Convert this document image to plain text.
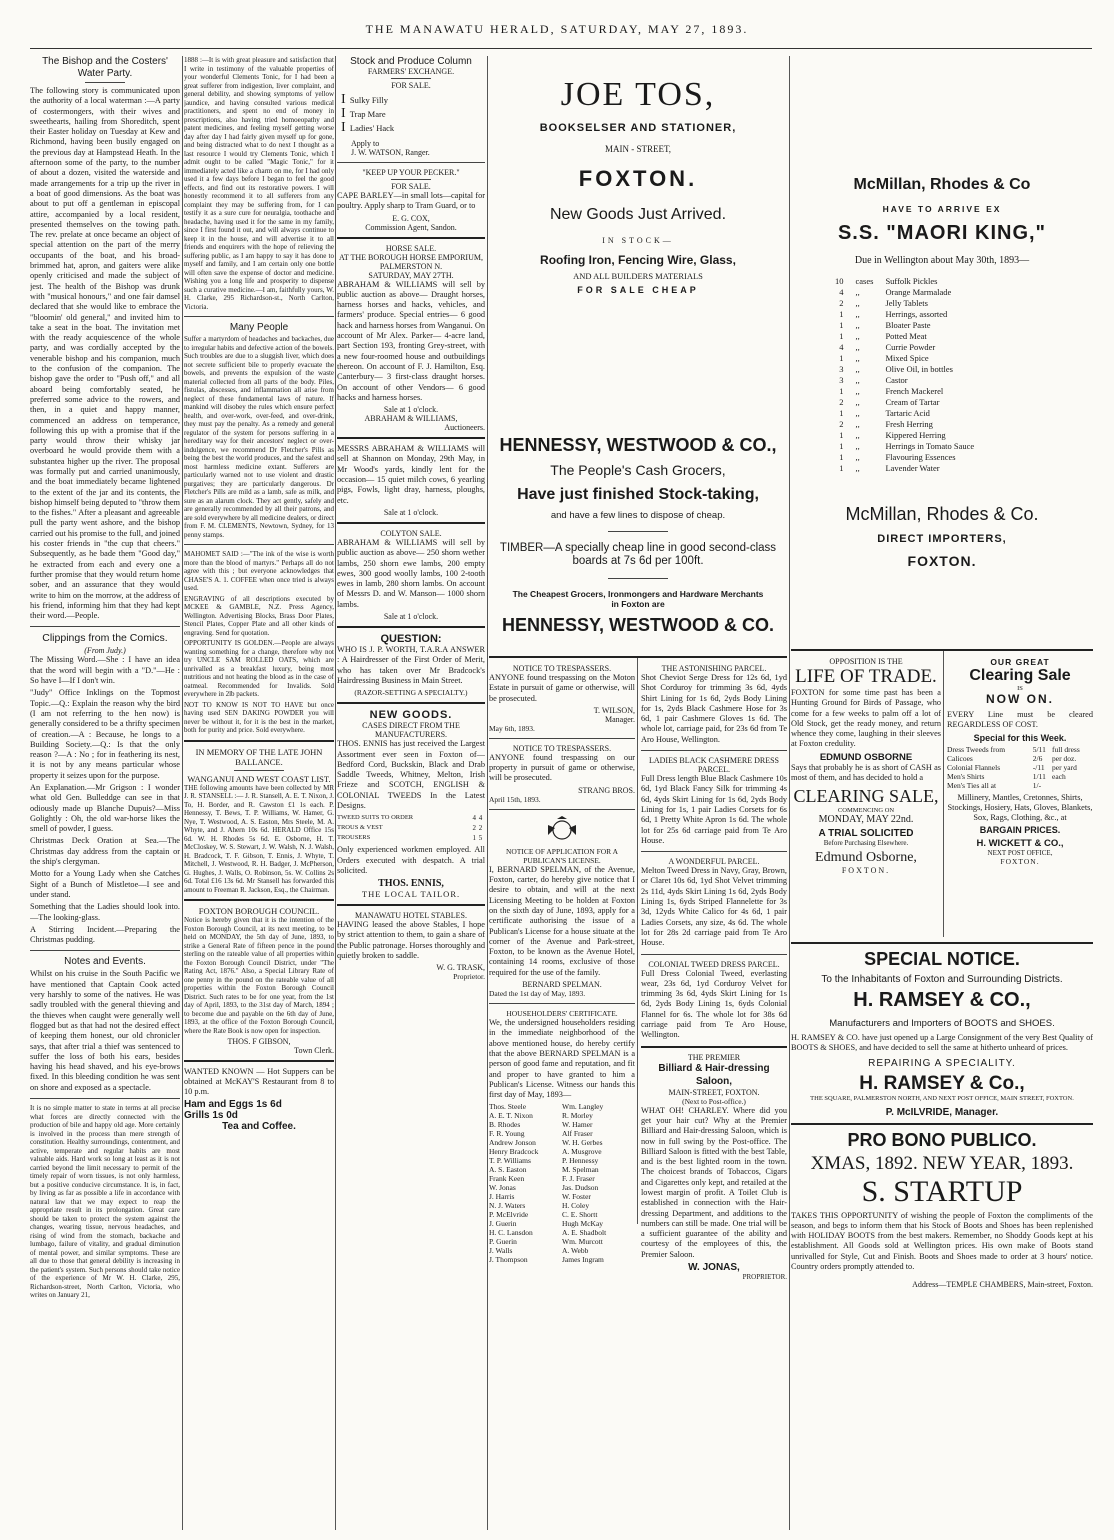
THE MANAWATU HERALD, SATURDAY, MAY 27, 1893.
The Bishop and the Costers' Water Party.

The following story is communicated upon the authority of a local waterman :—A party of costermongers, with their wives and sweethearts, hailing from Shoreditch, spent their Easter holiday on Tuesday at Kew and Richmond, having been busily engaged on the previous day at Hampstead Heath. In the afternoon some of the party, to the number of about a dozen, visited the waterside and made arrangements for a trip up the river in a boat of good dimensions. As the boat was about to put off a gentleman in episcopal attire, accompanied by a local resident, presented themselves on the towing path. The rev. prelate at once became an object of special attention on the part of the merry occupants of the boat, and his broad-brimmed hat, apron, and gaiters were alike openly criticised and made the subject of jest. The health of the Bishop was drunk with "musical honours," and one fair damsel declared that she would like to embrace the "bloomin' old general," and invited him to take a seat in the boat. The invitation met with the ready acquiescence of the whole party, and was cordially accepted by the venerable bishop and his companion, much to the confusion of the companion. The bishop gave the order to "Push off," and all aboard being comfortably seated, he preferred some advice to the rowers, and then, in a quiet and happy manner, commenced an address on temperance, following this up with a promise that if the party would throw their whisky jar overboard he would provide them with a substantea higher up the river. The proposal was formally put and carried unanimously, and the boat immediately became lightened to the extent of the jar and its contents, the bishop himself being deputed to "throw them to the fishes." After a pleasant and agreeable pull the party went ashore, and the bishop carried out his promise to the full, and joined his coster friends in "the cup that cheers." Subsequently, as he bade them "Good day," he extracted from each and every one a further promise that they would return home sober, and an assurance that they would write to him on the morrow, at the address of his friend, informing him that they had kept their word.—People.

Clippings from the Comics.
(From Judy.)

The Missing Word.—She : I have an idea that the word will begin with a "D."—He : So have I—If I don't win.

"Judy" Office Inklings on the Topmost Topic.—Q.: Explain the reason why the bird (I am not referring to the hen now) is generally considered to be a thrifty specimen of creation.—A : Because, he longs to a Building Society.—Q.: Is that the only reason ?—A : No ; for in feathering its nest, it is not by any means particular whose property it seizes upon for the purpose.

An Explanation.—Mr Grigson : I wonder what old Gen. Bulleddge can see in that odiously made up Blanche Dupuis?—Miss Golightly : Oh, the old war-horse likes the smell of powder, I guess.

Christmas Deck Oration at Sea.—The Christmas day address from the captain or the ship's clergyman.

Motto for a Young Lady when she Catches Sight of a Bunch of Mistletoe—I see and under stand.

Something that the Ladies should look into.—The looking-glass.

A Stirring Incident.—Preparing the Christmas pudding.

Notes and Events.

Whilst on his cruise in the South Pacific we have mentioned that Captain Cook acted very harshly to some of the natives. He was sadly troubled with the general thieving and the thieves when caught were generally well flogged but as that had not the desired effect of keeping them honest, our old chronicler says, that after trial a thief was sentenced to suffer the loss of both his ears, besides having his head shaved, and his eye-brows fixed. In this bleeding condition he was sent on shore and exposed as a spectacle.

It is no simple matter to state in terms at all precise what forces are directly connected with the production of bile and happy old age. More certainly is involved in the process than mere strength of constitution. Healthy surroundings, contentment, and active, temperate and regular habits are most valuable aids. Hard work so long at least as it is not carried beyond the limit necessary to permit of the timely repair of worn tissues, is not only harmless, but a positive conducive circumstance. It is, in fact, by living as far as possible a life in accordance with natural law that we may expect to reap the appropriate result in its prolongation. Great care should be taken to protect the system against the changes, wearing tissue, nervous headaches, and rising of wind from the stomach, backache and lumbago, failure of vitality, and gradual diminution of mental power, and similar symptoms. These are all due to those that general debility is increasing in the patient's system. Such persons should take notice of the experience of Mr W. H. Clarke, 295, Richardson-street, North Carlton, Victoria, who writes on January 21,

1888 :—It is with great pleasure and satisfaction that I write in testimony of the valuable properties of your wonderful Clements Tonic, for I had been a great sufferer from indigestion, liver complaint, and general debility, and showing symptoms of yellow jaundice, and having consulted various medical practitioners, and spent no end of money in prescriptions, also having tried homoeopathy and patent medicines, and feeling myself getting worse day after day I had fairly given myself up for gone, and being distracted what to do next I thought as a last resource I would try Clements Tonic, which I admit ought to be called "Magic Tonic," for it immediately acted like a charm on me, for I had only used it a few days before I began to feel the good effects, and find out its restorative powers. I will honestly recommend it to all sufferers from any complaint they may be suffering from, for I can testify it as a sure cure for neuralgia, toothache and headache, having used it for the same in my family, since I first found it out, and will always continue to keep it in the house, and will advertise it to all friends and enquirers with the hope of relieving the suffering public, as I am happy to say it has done to myself and family, and I am certain only one bottle will often save the expense of doctor and medicine. Wishing you a long life and prosperity to dispense such a curative medicine.—I am, faithfully yours, W. H. Clarke, 295 Richardson-st., North Carlton, Victoria.

Many People

Suffer a martyrdom of headaches and backaches, due to irregular habits and defective action of the bowels. Such troubles are due to a sluggish liver, which does not secrete sufficient bile to properly evacuate the bowels, and prevents the expulsion of the waste material collected from all parts of the body. Piles, fistulas, abscesses, and inflammation all arise from neglect of these fundamental laws of nature. If mankind will disobey the rules which ensure perfect health, and over-work, over-feed, and over-drink, they must pay the penalty. As a remedy and general regulator of the system for persons suffering in a hereditary way for their ancestors' neglect or over-indulgence, we recommend Dr Fletcher's Pills as being the best the world produces, and the safest and most harmless medicine extant. Sufferers are particularly warned not to use violent and drastic purgatives; they are particularly dangerous. Dr Fletcher's Pills are mild as a lamb, safe as milk, and sure as an alarum clock. They act gently, safely and are generally recommended by all their patrons, and are sold everywhere by all medicine dealers, or direct from F. M. CLEMENTS, Newtown, Sydney, for 13 penny stamps.

MAHOMET SAID :—"The ink of the wise is worth more than the blood of martyrs." Perhaps all do not agree with this ; but everyone acknowledges that CHASE'S A. 1. COFFEE when once tried is always used.

ENGRAVING of all descriptions executed by MCKEE & GAMBLE, N.Z. Press Agency, Wellington. Advertising Blocks, Brass Door Plates, Stencil Plates, Copper Plate and all other kinds of engraving. Send for quotation.

OPPORTUNITY IS GOLDEN.—People are always wanting something for a change, therefore why not try UNCLE SAM ROLLED OATS, which are unrivalled as a breakfast luxury, being most nutritious and not heating the blood as in the case of oatmeal. Recommended for Invalids. Sold everywhere in 2lb packets.

NOT TO KNOW IS NOT TO HAVE but once having used SEN DAKING POWDER you will never be without it, for it is the best in the market, both for purity and price. Sold everywhere.

IN MEMORY OF THE LATE JOHN BALLANCE.
WANGANUI AND WEST COAST LIST.

THE following amounts have been collected by MR J. R. STANSELL :— J. R. Stansell, A. E. T. Nixon, J. To, H. Border, and R. Cawston £1 1s each. P. Hennessy, T. Bews, T. P. Williams, W. Hamer, G. Nye, T. Westwood, A. S. Easton, Mrs Steele, M. A. Whyte, and J. Ahern 10s 6d. HERALD Office 15s 6d. W. H. Rhodes 5s 6d. E. Osborne, H. T. McCloskey, W. S. Stewart, J. W. Walsh, N. J. Walsh, H. Bradcock, T. F. Gibson, T. Ennis, J. Whyte, T. Mitchell, J. Westwood, R. H. Badger, J. McPherson, G. Hughes, J. Walls, O. Robinson, 5s. W. Collins 2s 6d. Total £16 13s 6d. Mr Stansell has forwarded this amount to Freeman R. Jackson, Esq., the Chairman.

FOXTON BOROUGH COUNCIL.

Notice is hereby given that it is the intention of the Foxton Borough Council, at its next meeting, to be held on MONDAY, the 5th day of June, 1893, to strike a General Rate of fifteen pence in the pound sterling on the rateable value of all properties within the Foxton Borough Council District, under "The Rating Act, 1876." Also, a Special Library Rate of one penny in the pound on the rateable value of all properties within the Foxton Borough Council District. Such rates to be for one year, from the 1st day of April, 1893, to the 31st day of March, 1894 ; to become due and payable on the 6th day of June, 1893, at the office of the Foxton Borough Council, where the Rate Book is now open for inspection.

THOS. F GIBSON,
Town Clerk.

WANTED KNOWN — Hot Suppers can be obtained at McKAY'S Restaurant from 8 to 10 p.m.

Ham and Eggs 1s 6d
Grills 1s 0d
Tea and Coffee.
Stock and Produce Column
FARMERS' EXCHANGE.
FOR SALE.
I Sulky Filly
I Trap Mare
I Ladies' Hack
Apply to
J. W. WATSON, Ranger.
"KEEP UP YOUR PECKER."
FOR SALE.

CAPE BARLEY—in small lots—capital for poultry. Apply sharp to Tram Guard, or to

E. G. COX,
Commission Agent, Sandon.
HORSE SALE.
AT THE BOROUGH HORSE EMPORIUM, PALMERSTON N.
SATURDAY, MAY 27TH.

ABRAHAM & WILLIAMS will sell by public auction as above— Draught horses, harness horses and hacks, vehicles, and farmers' produce. Special entries— 6 good hack and harness horses from Wanganui. On account of Mr Alex. Parker— 4-acre land, part Section 193, fronting Grey-street, with a new four-roomed house and outbuildings thereon. On account of F. J. Hamilton, Esq. Canterbury— 3 first-class draught horses. On account of other Vendors— 6 good hacks and harness horses.

Sale at 1 o'clock.
ABRAHAM & WILLIAMS,
Auctioneers.

MESSRS ABRAHAM & WILLIAMS will sell at Shannon on Monday, 29th May, in Mr Wood's yards, kindly lent for the occasion— 15 quiet milch cows, 6 yearling pigs, Fowls, light dray, harness, ploughs, etc.

Sale at 1 o'clock.
COLYTON SALE.

ABRAHAM & WILLIAMS will sell by public auction as above— 250 shorn wether lambs, 250 shorn ewe lambs, 200 empty ewes, 300 good woolly lambs, 100 2-tooth ewes in lamb, 280 shorn lambs. On account of Messrs D. and W. Manson— 1000 shorn lambs.

Sale at 1 o'clock.
QUESTION:

WHO IS J. P. WORTH, T.A.R.A ANSWER : A Hairdresser of the First Order of Merit, who has taken over Mr Bradcock's Hairdressing Business in Main Street.

(RAZOR-SETTING A SPECIALTY.)
NEW GOODS.
CASES DIRECT FROM THE MANUFACTURERS.

THOS. ENNIS has just received the Largest Assortment ever seen in Foxton of— Bedford Cord, Buckskin, Black and Drab Saddle Tweeds, Whitney, Melton, Irish Frieze and SCOTCH, ENGLISH & COLONIAL TWEEDS In the Latest Designs.

TWEED SUITS TO ORDER	4	4
TROUS & VEST	2	2
TROUSERS	1	5

Only experienced workmen employed. All Orders executed with despatch. A trial solicited.

THOS. ENNIS,
THE LOCAL TAILOR.
MANAWATU HOTEL STABLES.

HAVING leased the above Stables, I hope by strict attention to them, to gain a share of the Public patronage. Horses thoroughly and quietly broken to saddle.

W. G. TRASK,
Proprietor.
JOE TOS,
BOOKSELSER AND STATIONER,
MAIN - STREET,
FOXTON.
New Goods Just Arrived.
IN STOCK—
Roofing Iron, Fencing Wire, Glass,
AND ALL BUILDERS MATERIALS
FOR SALE CHEAP
HENNESSY, WESTWOOD & CO.,
The People's Cash Grocers,
Have just finished Stock-taking,
and have a few lines to dispose of cheap.
TIMBER—A specially cheap line in good second-class boards at 7s 6d per 100ft.
The Cheapest Grocers, Ironmongers and Hardware Merchants in Foxton are
HENNESSY, WESTWOOD & CO.
NOTICE TO TRESPASSERS.

ANYONE found trespassing on the Moton Estate in pursuit of game or otherwise, will be prosecuted.

T. WILSON,
Manager.
May 6th, 1893.
NOTICE TO TRESPASSERS.

ANYONE found trespassing on our property in pursuit of game or otherwise, will be prosecuted.

STRANG BROS.
April 15th, 1893.
NOTICE OF APPLICATION FOR A PUBLICAN'S LICENSE.

I, BERNARD SPELMAN, of the Avenue, Foxton, carter, do hereby give notice that I desire to obtain, and will at the next Licensing Meeting to be holden at Foxton on the sixth day of June, 1893, apply for a certificate authorising the issue of a Publican's License for a house situate at the corner of the Avenue and Park-street, Foxton, to be known as the Avenue Hotel, containing 14 rooms, exclusive of those required for the use of the family.

BERNARD SPELMAN.
Dated the 1st day of May, 1893.
HOUSEHOLDERS' CERTIFICATE.

We, the undersigned householders residing in the immediate neighborhood of the above mentioned house, do hereby certify that the above BERNARD SPELMAN is a person of good fame and reputation, and fit and proper to have granted to him a Publican's License. Witness our hands this first day of May, 1893—

Thos. Steele	Wm. Langley
A. E. T. Nixon	R. Morley
B. Rhodes	W. Hamer
F. R. Young	Alf Fraser
Andrew Jonson	W. H. Gerbes
Henry Bradcock	A. Musgrove
T. P. Williams	P. Hennessy
A. S. Easton	M. Spelman
Frank Keen	F. J. Fraser
W. Jonas	Jas. Dudson
J. Harris	W. Foster
N. J. Waters	H. Coley
P. McElvride	C. E. Shortt
J. Guerin	Hugh McKay
H. C. Lansdon	A. E. Shadbolt
P. Guerin	Wm. Murcott
J. Walls	A. Webb
J. Thompson	James Ingram
THE ASTONISHING PARCEL.

Shot Cheviot Serge Dress for 12s 6d, 1yd Shot Corduroy for trimming 3s 6d, 4yds Shirt Lining for 1s 6d, 2yds Body Lining for 1s, 2yds Black Cashmere Hose for 3s 6d, 1 pair Cashmere Gloves 1s 6d. The whole lot, carriage paid, for 23s 6d from Te Aro House, Wellington.

LADIES BLACK CASHMERE DRESS PARCEL.

Full Dress length Blue Black Cashmere 10s 6d, 1yd Black Fancy Silk for trimming 4s 6d, 4yds Skirt Lining for 1s 6d, 2yds Body Lining for 1s, 1 pair Ladies Corsets for 6s 6d, 1 Pretty White Apron 1s 6d. The whole lot for 25s 6d carriage paid from Te Aro House.

A WONDERFUL PARCEL.

Melton Tweed Dress in Navy, Gray, Brown, or Claret 10s 6d, 1yd Shot Velvet trimming 2s 11d, 4yds Skirt Lining 1s 6d, 2yds Body Lining 1s, 6yds Striped Flannelette for 3s 3d, 12yds White Calico for 4s 6d, 1 pair Ladies Corsets, any size, 4s 6d. The whole lot for 28s 2d carriage paid from Te Aro House.

COLONIAL TWEED DRESS PARCEL.

Full Dress Colonial Tweed, everlasting wear, 23s 6d, 1yd Corduroy Velvet for trimming 3s 6d, 4yds Skirt Lining for 1s 6d, 2yds Body Lining 1s, 6yds Colonial Flannel for 6s. The whole lot for 38s 6d carriage paid from Te Aro House, Wellington.

THE PREMIER
Billiard & Hair-dressing Saloon,
MAIN-STREET, FOXTON.
(Next to Post-office.)

WHAT OH! CHARLEY. Where did you get your hair cut? Why at the Premier Billiard and Hair-dressing Saloon, which is now in full swing by the Post-office. The Billiard Saloon is fitted with the best Table, and is the best lighted room in the town. The choicest brands of Tobaccos, Cigars and Cigarettes only kept, and retailed at the lowest margin of profit. A Toilet Club is established in connection with the Hair-dressing Department, and additions to the numbers can still be made. One trial will be a sufficient guarantee of the ability and courtesy of the employees of this, the Premier Saloon.

W. JONAS,
PROPRIETOR.
McMillan, Rhodes & Co
HAVE TO ARRIVE EX
S.S. "MAORI KING,"
Due in Wellington about May 30th, 1893—
10	cases	Suffolk Pickles
4	,,	Orange Marmalade
2	,,	Jelly Tablets
1	,,	Herrings, assorted
1	,,	Bloater Paste
1	,,	Potted Meat
4	,,	Currie Powder
1	,,	Mixed Spice
3	,,	Olive Oil, in bottles
3	,,	Castor
1	,,	French Mackerel
2	,,	Cream of Tartar
1	,,	Tartaric Acid
2	,,	Fresh Herring
1	,,	Kippered Herring
1	,,	Herrings in Tomato Sauce
1	,,	Flavouring Essences
1	,,	Lavender Water
McMillan, Rhodes & Co.
DIRECT IMPORTERS,
FOXTON.
OPPOSITION IS THE
LIFE OF TRADE.

FOXTON for some time past has been a Hunting Ground for Birds of Passage, who come for a few weeks to palm off a lot of Old Stock, get the ready money, and return whence they come, laughing in their sleeves at Foxton credulity.

EDMUND OSBORNE

Says that probably he is as short of CASH as most of them, and has decided to hold a

CLEARING SALE,
COMMENCING ON
MONDAY, MAY 22nd.
A TRIAL SOLICITED
Before Purchasing Elsewhere.
Edmund Osborne,
FOXTON.
OUR GREAT
Clearing Sale
IS
NOW ON.

EVERY Line must be cleared REGARDLESS OF COST.

Special for this Week.
Dress Tweeds from	5/11	full dress
Calicoes	2/6	per doz.
Colonial Flannels	-/11	per yard
Men's Shirts	1/11	each
Men's Ties all at	1/-	

Millinery, Mantles, Cretonnes, Shirts, Stockings, Hosiery, Hats, Gloves, Blankets, Sox, Rags, Clothing, &c., at

BARGAIN PRICES.
H. WICKETT & CO.,
NEXT POST OFFICE,
FOXTON.
SPECIAL NOTICE.
To the Inhabitants of Foxton and Surrounding Districts.
H. RAMSEY & CO.,
Manufacturers and Importers of BOOTS and SHOES.

H. RAMSEY & CO. have just opened up a Large Consignment of the very Best Quality of BOOTS & SHOES, and have decided to sell the same at hitherto unheard of prices.

REPAIRING A SPECIALITY.
H. RAMSEY & Co.,
THE SQUARE, PALMERSTON NORTH, AND NEXT POST OFFICE, MAIN STREET, FOXTON.
P. McILVRIDE, Manager.
PRO BONO PUBLICO.
XMAS, 1892. NEW YEAR, 1893.
S. STARTUP

TAKES THIS OPPORTUNITY of wishing the people of Foxton the compliments of the season, and begs to inform them that his Stock of Boots and Shoes has been replenished with HOLIDAY BOOTS from the best makers. Remember, no Shoddy Goods kept at his establishment. All Goods sold at Wellington prices. His own make of Boots stand unrivalled for Style, Cut and Finish. Boots and Shoes made to order at 3 hours' notice. Country orders promptly attended to.

Address—TEMPLE CHAMBERS, Main-street, Foxton.
